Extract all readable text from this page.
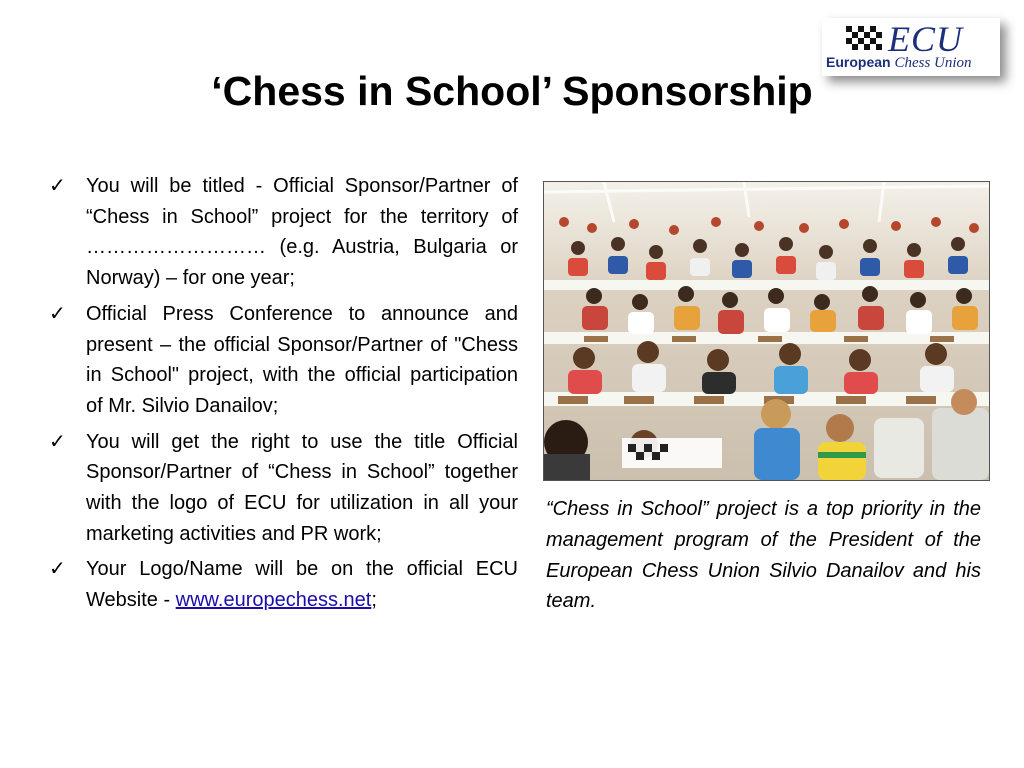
‘Chess in School’ Sponsorship
ECU
European Chess Union
✓ You will be titled - Official Sponsor/Partner of “Chess in School” project for the territory of ……………………… (e.g. Austria, Bulgaria or Norway) – for one year;
✓ Official Press Conference to announce and present – the official Sponsor/Partner of "Chess in School" project, with the official participation of Mr. Silvio Danailov;
✓ You will get the right to use the title Official Sponsor/Partner of “Chess in School” together with the logo of ECU for utilization in all your marketing activities and PR work;
✓ Your Logo/Name will be on the official ECU Website - www.europechess.net;
“Chess in School” project is a top priority in the management program of the President of the European Chess Union Silvio Danailov and his team.
